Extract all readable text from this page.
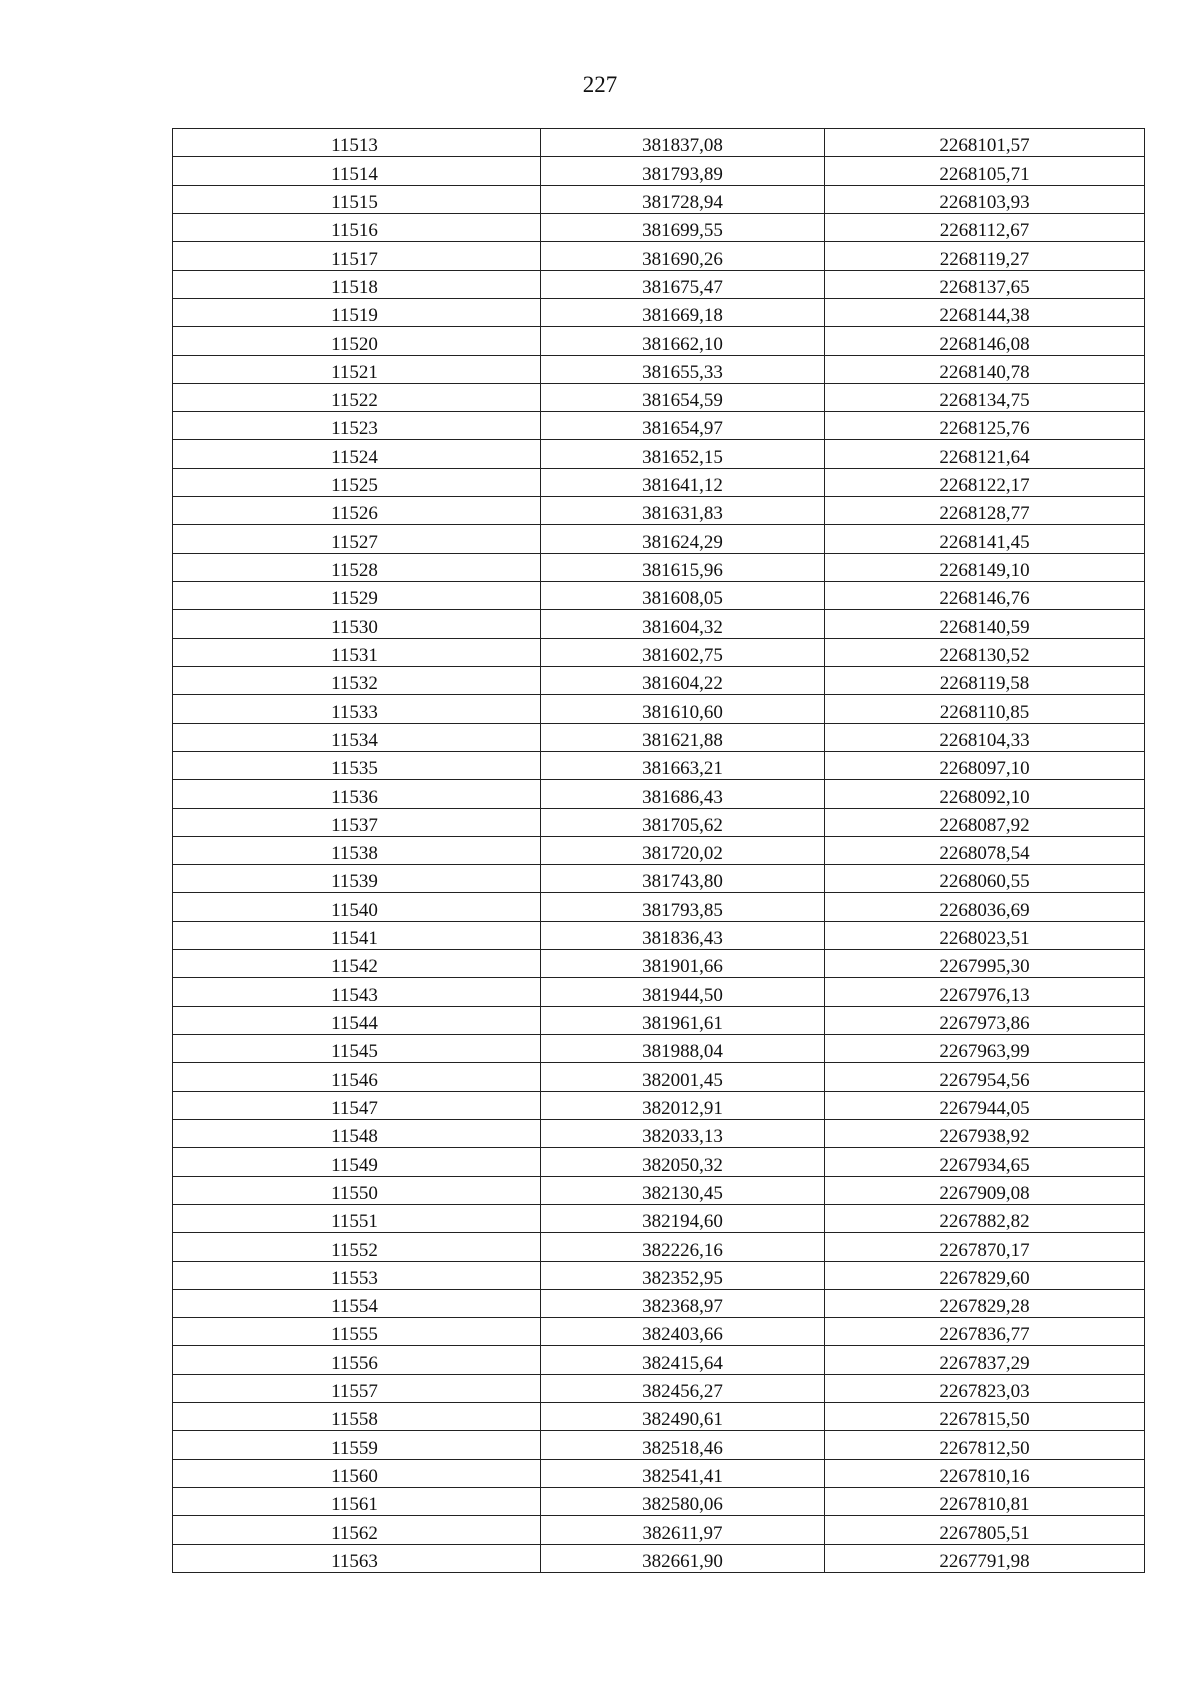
227
11513	381837,08	2268101,57
11514	381793,89	2268105,71
11515	381728,94	2268103,93
11516	381699,55	2268112,67
11517	381690,26	2268119,27
11518	381675,47	2268137,65
11519	381669,18	2268144,38
11520	381662,10	2268146,08
11521	381655,33	2268140,78
11522	381654,59	2268134,75
11523	381654,97	2268125,76
11524	381652,15	2268121,64
11525	381641,12	2268122,17
11526	381631,83	2268128,77
11527	381624,29	2268141,45
11528	381615,96	2268149,10
11529	381608,05	2268146,76
11530	381604,32	2268140,59
11531	381602,75	2268130,52
11532	381604,22	2268119,58
11533	381610,60	2268110,85
11534	381621,88	2268104,33
11535	381663,21	2268097,10
11536	381686,43	2268092,10
11537	381705,62	2268087,92
11538	381720,02	2268078,54
11539	381743,80	2268060,55
11540	381793,85	2268036,69
11541	381836,43	2268023,51
11542	381901,66	2267995,30
11543	381944,50	2267976,13
11544	381961,61	2267973,86
11545	381988,04	2267963,99
11546	382001,45	2267954,56
11547	382012,91	2267944,05
11548	382033,13	2267938,92
11549	382050,32	2267934,65
11550	382130,45	2267909,08
11551	382194,60	2267882,82
11552	382226,16	2267870,17
11553	382352,95	2267829,60
11554	382368,97	2267829,28
11555	382403,66	2267836,77
11556	382415,64	2267837,29
11557	382456,27	2267823,03
11558	382490,61	2267815,50
11559	382518,46	2267812,50
11560	382541,41	2267810,16
11561	382580,06	2267810,81
11562	382611,97	2267805,51
11563	382661,90	2267791,98
